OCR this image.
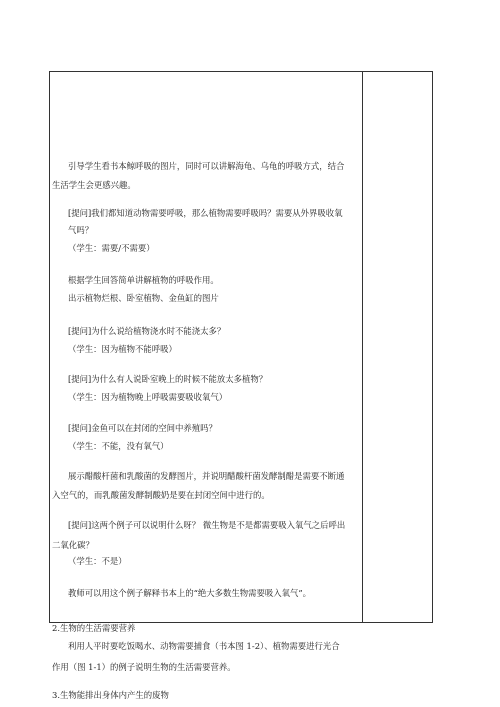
引导学生看书本鲸呼吸的图片，同时可以讲解海龟、乌龟的呼吸方式，结合
生活学生会更感兴趣。
[提问]我们都知道动物需要呼吸，那么植物需要呼吸吗？需要从外界吸收氧
气吗？
（学生：需要/不需要）
根据学生回答简单讲解植物的呼吸作用。
出示植物烂根、卧室植物、金鱼缸的图片
[提问]为什么说给植物浇水时不能浇太多？
（学生：因为植物不能呼吸）
[提问]为什么有人说卧室晚上的时候不能放太多植物？
（学生：因为植物晚上呼吸需要吸收氧气）
[提问]金鱼可以在封闭的空间中养殖吗？
（学生：不能，没有氧气）
展示醋酸杆菌和乳酸菌的发酵图片，并说明醋酸杆菌发酵制醋是需要不断通
入空气的，而乳酸菌发酵制酸奶是要在封闭空间中进行的。
[提问]这两个例子可以说明什么呀？ 微生物是不是都需要吸入氧气之后呼出
二氧化碳？
（学生：不是）
教师可以用这个例子解释书本上的“绝大多数生物需要吸入氧气”。
2.生物的生活需要营养
利用人平时要吃饭喝水、动物需要捕食（书本图 1-2）、植物需要进行光合
作用（图 1-1）的例子说明生物的生活需要营养。
3.生物能排出身体内产生的废物
